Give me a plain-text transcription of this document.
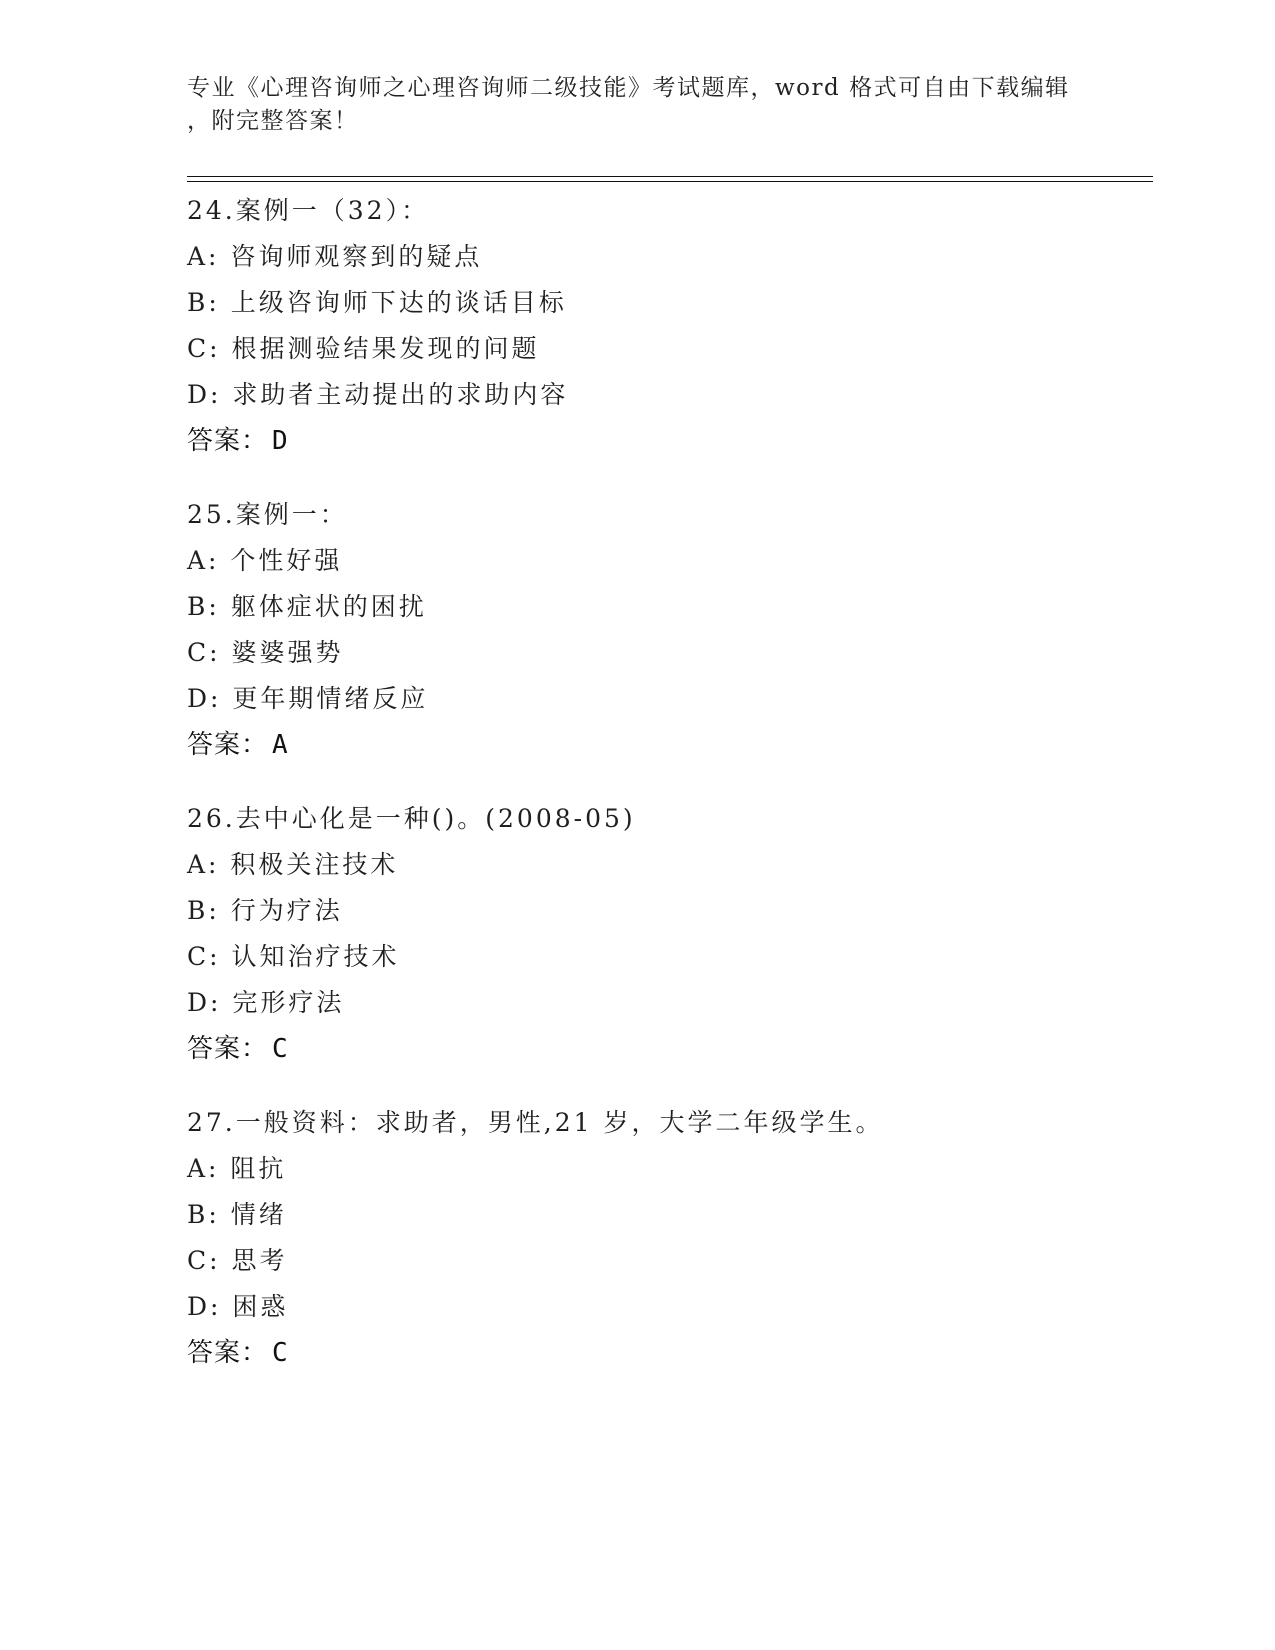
专业《心理咨询师之心理咨询师二级技能》考试题库，word 格式可自由下载编辑
，附完整答案！
24.案例一（32）：
A: 咨询师观察到的疑点
B: 上级咨询师下达的谈话目标
C: 根据测验结果发现的问题
D: 求助者主动提出的求助内容
答案： D
25.案例一：
A: 个性好强
B: 躯体症状的困扰
C: 婆婆强势
D: 更年期情绪反应
答案： A
26.去中心化是一种()。(2008-05)
A: 积极关注技术
B: 行为疗法
C: 认知治疗技术
D: 完形疗法
答案： C
27.一般资料：求助者，男性,21 岁，大学二年级学生。
A: 阻抗
B: 情绪
C: 思考
D: 困惑
答案： C
